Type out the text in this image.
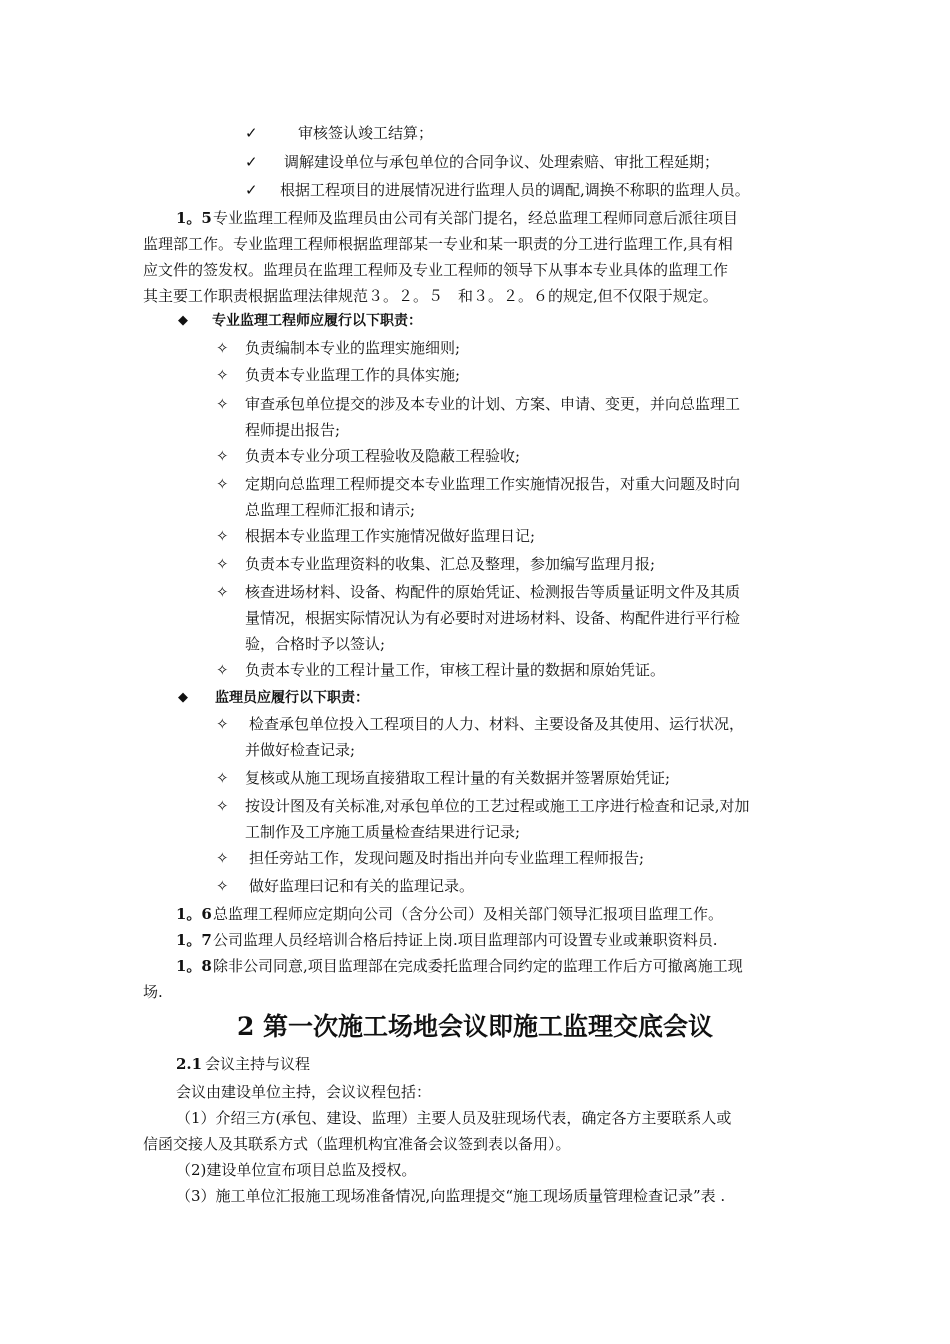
✓	审核签认竣工结算；
✓ 调解建设单位与承包单位的合同争议、处理索赔、审批工程延期；
✓ 根据工程项目的进展情况进行监理人员的调配,调换不称职的监理人员。
1。5 专业监理工程师及监理员由公司有关部门提名，经总监理工程师同意后派往项目
监理部工作。专业监理工程师根据监理部某一专业和某一职责的分工进行监理工作,具有相
应文件的签发权。监理员在监理工程师及专业工程师的领导下从事本专业具体的监理工作
其主要工作职责根据监理法律规范３。２。５　和３。２。６的规定,但不仅限于规定。
◆ 专业监理工程师应履行以下职责：
✧ 负责编制本专业的监理实施细则;
✧ 负责本专业监理工作的具体实施;
✧ 审查承包单位提交的涉及本专业的计划、方案、申请、变更，并向总监理工
程师提出报告;
✧ 负责本专业分项工程验收及隐蔽工程验收;
✧ 定期向总监理工程师提交本专业监理工作实施情况报告，对重大问题及时向
总监理工程师汇报和请示;
✧ 根据本专业监理工作实施情况做好监理日记;
✧ 负责本专业监理资料的收集、汇总及整理，参加编写监理月报;
✧ 核查进场材料、设备、构配件的原始凭证、检测报告等质量证明文件及其质
量情况，根据实际情况认为有必要时对进场材料、设备、构配件进行平行检
验，合格时予以签认;
✧ 负责本专业的工程计量工作，审核工程计量的数据和原始凭证。
◆ 监理员应履行以下职责：
✧ 检查承包单位投入工程项目的人力、材料、主要设备及其使用、运行状况，
并做好检查记录;
✧ 复核或从施工现场直接猎取工程计量的有关数据并签署原始凭证;
✧ 按设计图及有关标准,对承包单位的工艺过程或施工工序进行检查和记录,对加
工制作及工序施工质量检查结果进行记录;
✧ 担任旁站工作，发现问题及时指出并向专业监理工程师报告;
✧ 做好监理曰记和有关的监理记录。
1。6 总监理工程师应定期向公司（含分公司）及相关部门领导汇报项目监理工作。
1。7 公司监理人员经培训合格后持证上岗.项目监理部内可设置专业或兼职资料员.
1。8 除非公司同意,项目监理部在完成委托监理合同约定的监理工作后方可撤离施工现
场.
2 第一次施工场地会议即施工监理交底会议
2.1 会议主持与议程
会议由建设单位主持，会议议程包括：
（1）介绍三方(承包、建设、监理）主要人员及驻现场代表，确定各方主要联系人或
信函交接人及其联系方式（监理机构宜准备会议签到表以备用）。
（2)建设单位宣布项目总监及授权。
（3）施工单位汇报施工现场准备情况,向监理提交“施工现场质量管理检查记录”表 .
